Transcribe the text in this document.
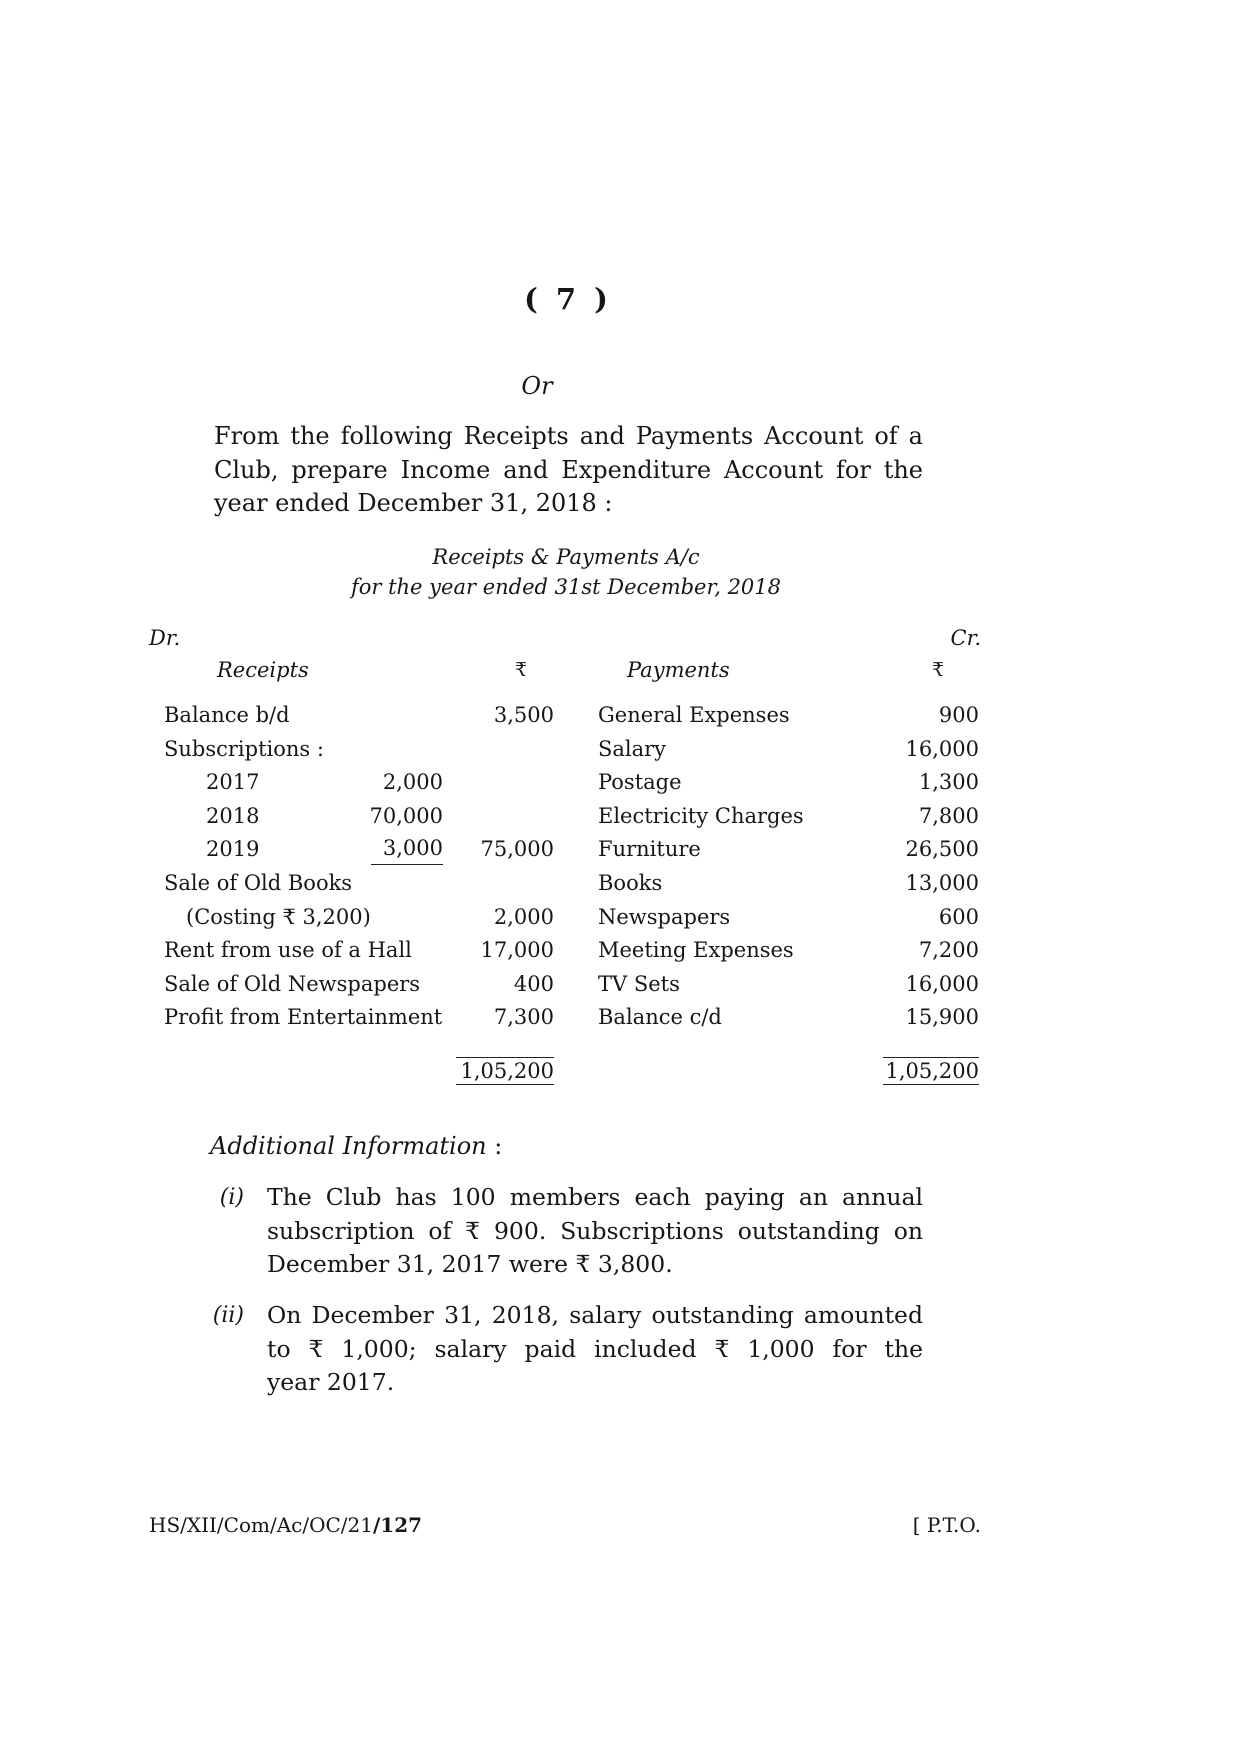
( 7 )
Or
From the following Receipts and Payments Account of a
Club, prepare Income and Expenditure Account for the
year ended December 31, 2018 :
Receipts & Payments A/c
for the year ended 31st December, 2018
Dr.	Cr.
Receipts	₹	Payments	₹
Balance b/d	3,500 General Expenses	900
Subscriptions :	Salary	16,000
2017	2,000	Postage	1,300
2018	70,000	Electricity Charges	7,800
2019	3,000 75,000 Furniture	26,500
Sale of Old Books	Books	13,000
(Costing ₹ 3,200)	2,000 Newspapers	600
Rent from use of a Hall	17,000 Meeting Expenses	7,200
Sale of Old Newspapers	400 TV Sets	16,000
Profit from Entertainment 7,300 Balance c/d	15,900
1,05,200	1,05,200
Additional Information :
(i) The Club has 100 members each paying an annual
subscription of ₹ 900. Subscriptions outstanding on
December 31, 2017 were ₹ 3,800.
(ii) On December 31, 2018, salary outstanding amounted
to ₹ 1,000; salary paid included ₹ 1,000 for the
year 2017.
HS/XII/Com/Ac/OC/21/127	[ P.T.O.
